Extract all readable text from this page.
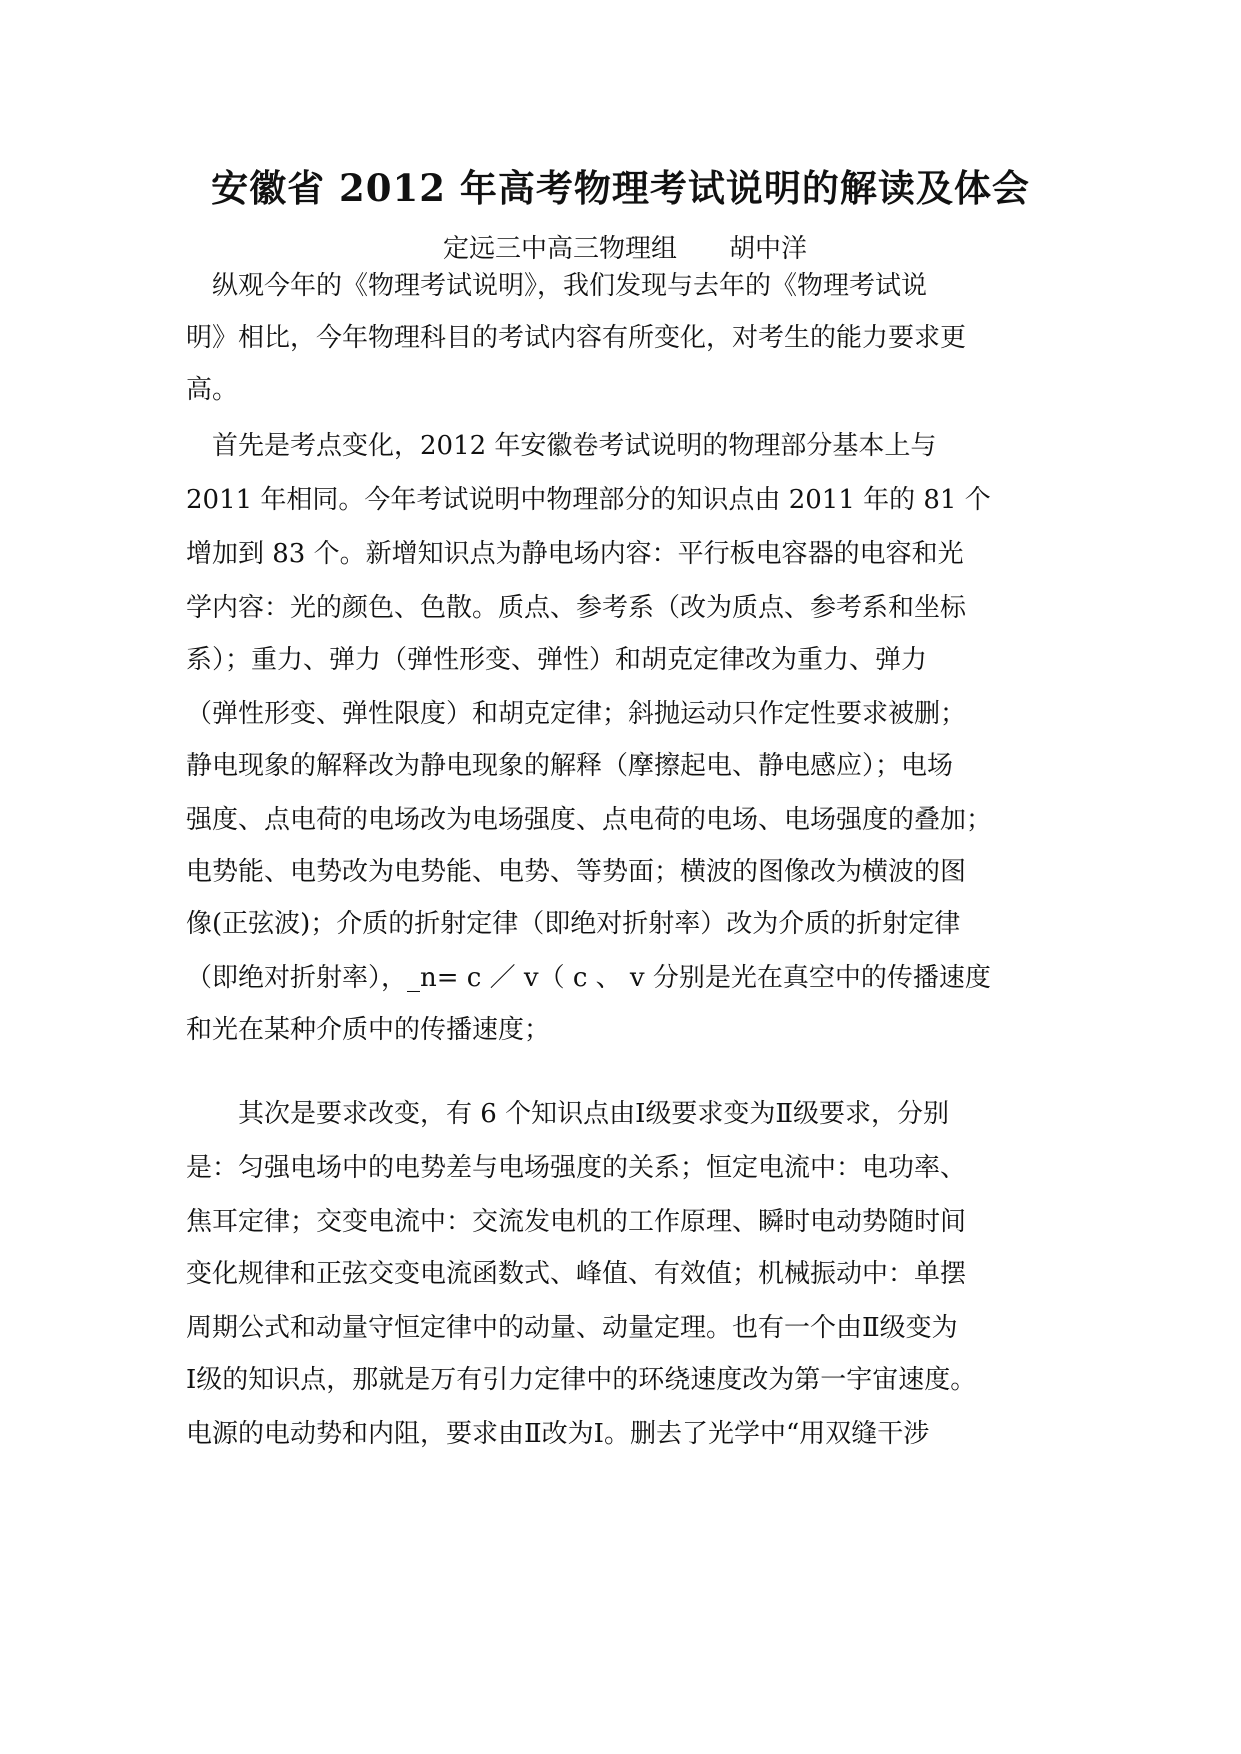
安徽省 2012 年高考物理考试说明的解读及体会
定远三中高三物理组　　胡中洋
　纵观今年的《物理考试说明》，我们发现与去年的《物理考试说
明》相比，今年物理科目的考试内容有所变化，对考生的能力要求更
高。
　首先是考点变化，2012 年安徽卷考试说明的物理部分基本上与
2011 年相同。今年考试说明中物理部分的知识点由 2011 年的 81 个
增加到 83 个。新增知识点为静电场内容：平行板电容器的电容和光
学内容：光的颜色、色散。质点、参考系（改为质点、参考系和坐标
系）；重力、弹力（弹性形变、弹性）和胡克定律改为重力、弹力
（弹性形变、弹性限度）和胡克定律；斜抛运动只作定性要求被删；
静电现象的解释改为静电现象的解释（摩擦起电、静电感应）；电场
强度、点电荷的电场改为电场强度、点电荷的电场、电场强度的叠加；
电势能、电势改为电势能、电势、等势面；横波的图像改为横波的图
像(正弦波)；介质的折射定律（即绝对折射率）改为介质的折射定律
（即绝对折射率），_n= c ／ v（ c 、 v 分别是光在真空中的传播速度
和光在某种介质中的传播速度；
　　其次是要求改变，有 6 个知识点由Ⅰ级要求变为Ⅱ级要求，分别
是：匀强电场中的电势差与电场强度的关系；恒定电流中：电功率、
焦耳定律；交变电流中：交流发电机的工作原理、瞬时电动势随时间
变化规律和正弦交变电流函数式、峰值、有效值；机械振动中：单摆
周期公式和动量守恒定律中的动量、动量定理。也有一个由Ⅱ级变为
Ⅰ级的知识点，那就是万有引力定律中的环绕速度改为第一宇宙速度。
电源的电动势和内阻，要求由Ⅱ改为Ⅰ。删去了光学中“用双缝干涉
